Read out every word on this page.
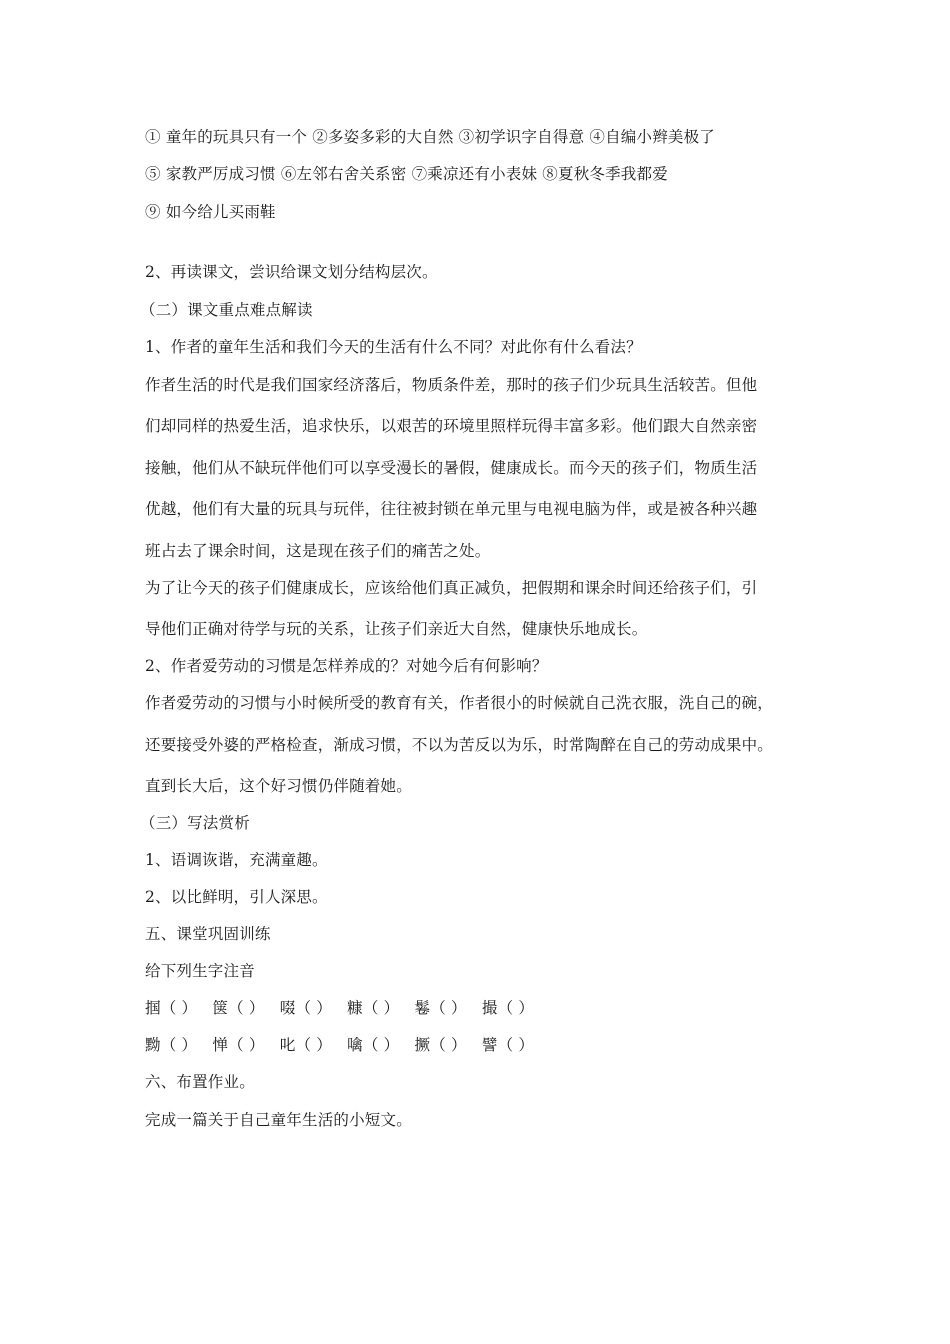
① 童年的玩具只有一个 ②多姿多彩的大自然 ③初学识字自得意 ④自编小辫美极了
⑤ 家教严厉成习惯 ⑥左邻右舍关系密 ⑦乘凉还有小表妹 ⑧夏秋冬季我都爱
⑨ 如今给儿买雨鞋
2、再读课文，尝识给课文划分结构层次。
（二）课文重点难点解读
1、作者的童年生活和我们今天的生活有什么不同？对此你有什么看法？
作者生活的时代是我们国家经济落后，物质条件差，那时的孩子们少玩具生活较苦。但他
们却同样的热爱生活，追求快乐，以艰苦的环境里照样玩得丰富多彩。他们跟大自然亲密
接触，他们从不缺玩伴他们可以享受漫长的暑假，健康成长。而今天的孩子们，物质生活
优越，他们有大量的玩具与玩伴，往往被封锁在单元里与电视电脑为伴，或是被各种兴趣
班占去了课余时间，这是现在孩子们的痛苦之处。
为了让今天的孩子们健康成长，应该给他们真正减负，把假期和课余时间还给孩子们，引
导他们正确对待学与玩的关系，让孩子们亲近大自然，健康快乐地成长。
2、作者爱劳动的习惯是怎样养成的？对她今后有何影响？
作者爱劳动的习惯与小时候所受的教育有关，作者很小的时候就自己洗衣服，洗自己的碗，
还要接受外婆的严格检查，渐成习惯，不以为苦反以为乐，时常陶醉在自己的劳动成果中。
直到长大后，这个好习惯仍伴随着她。
（三）写法赏析
1、语调诙谐，充满童趣。
2、以比鲜明，引人深思。
五、课堂巩固训练
给下列生字注音
掴（ ） 箧（ ） 啜（ ） 糠（ ） 鬈（ ） 撮（ ）
黝（ ） 惮（ ） 叱（ ） 噙（ ） 撅（ ） 譬（ ）
六、布置作业。
完成一篇关于自己童年生活的小短文。
